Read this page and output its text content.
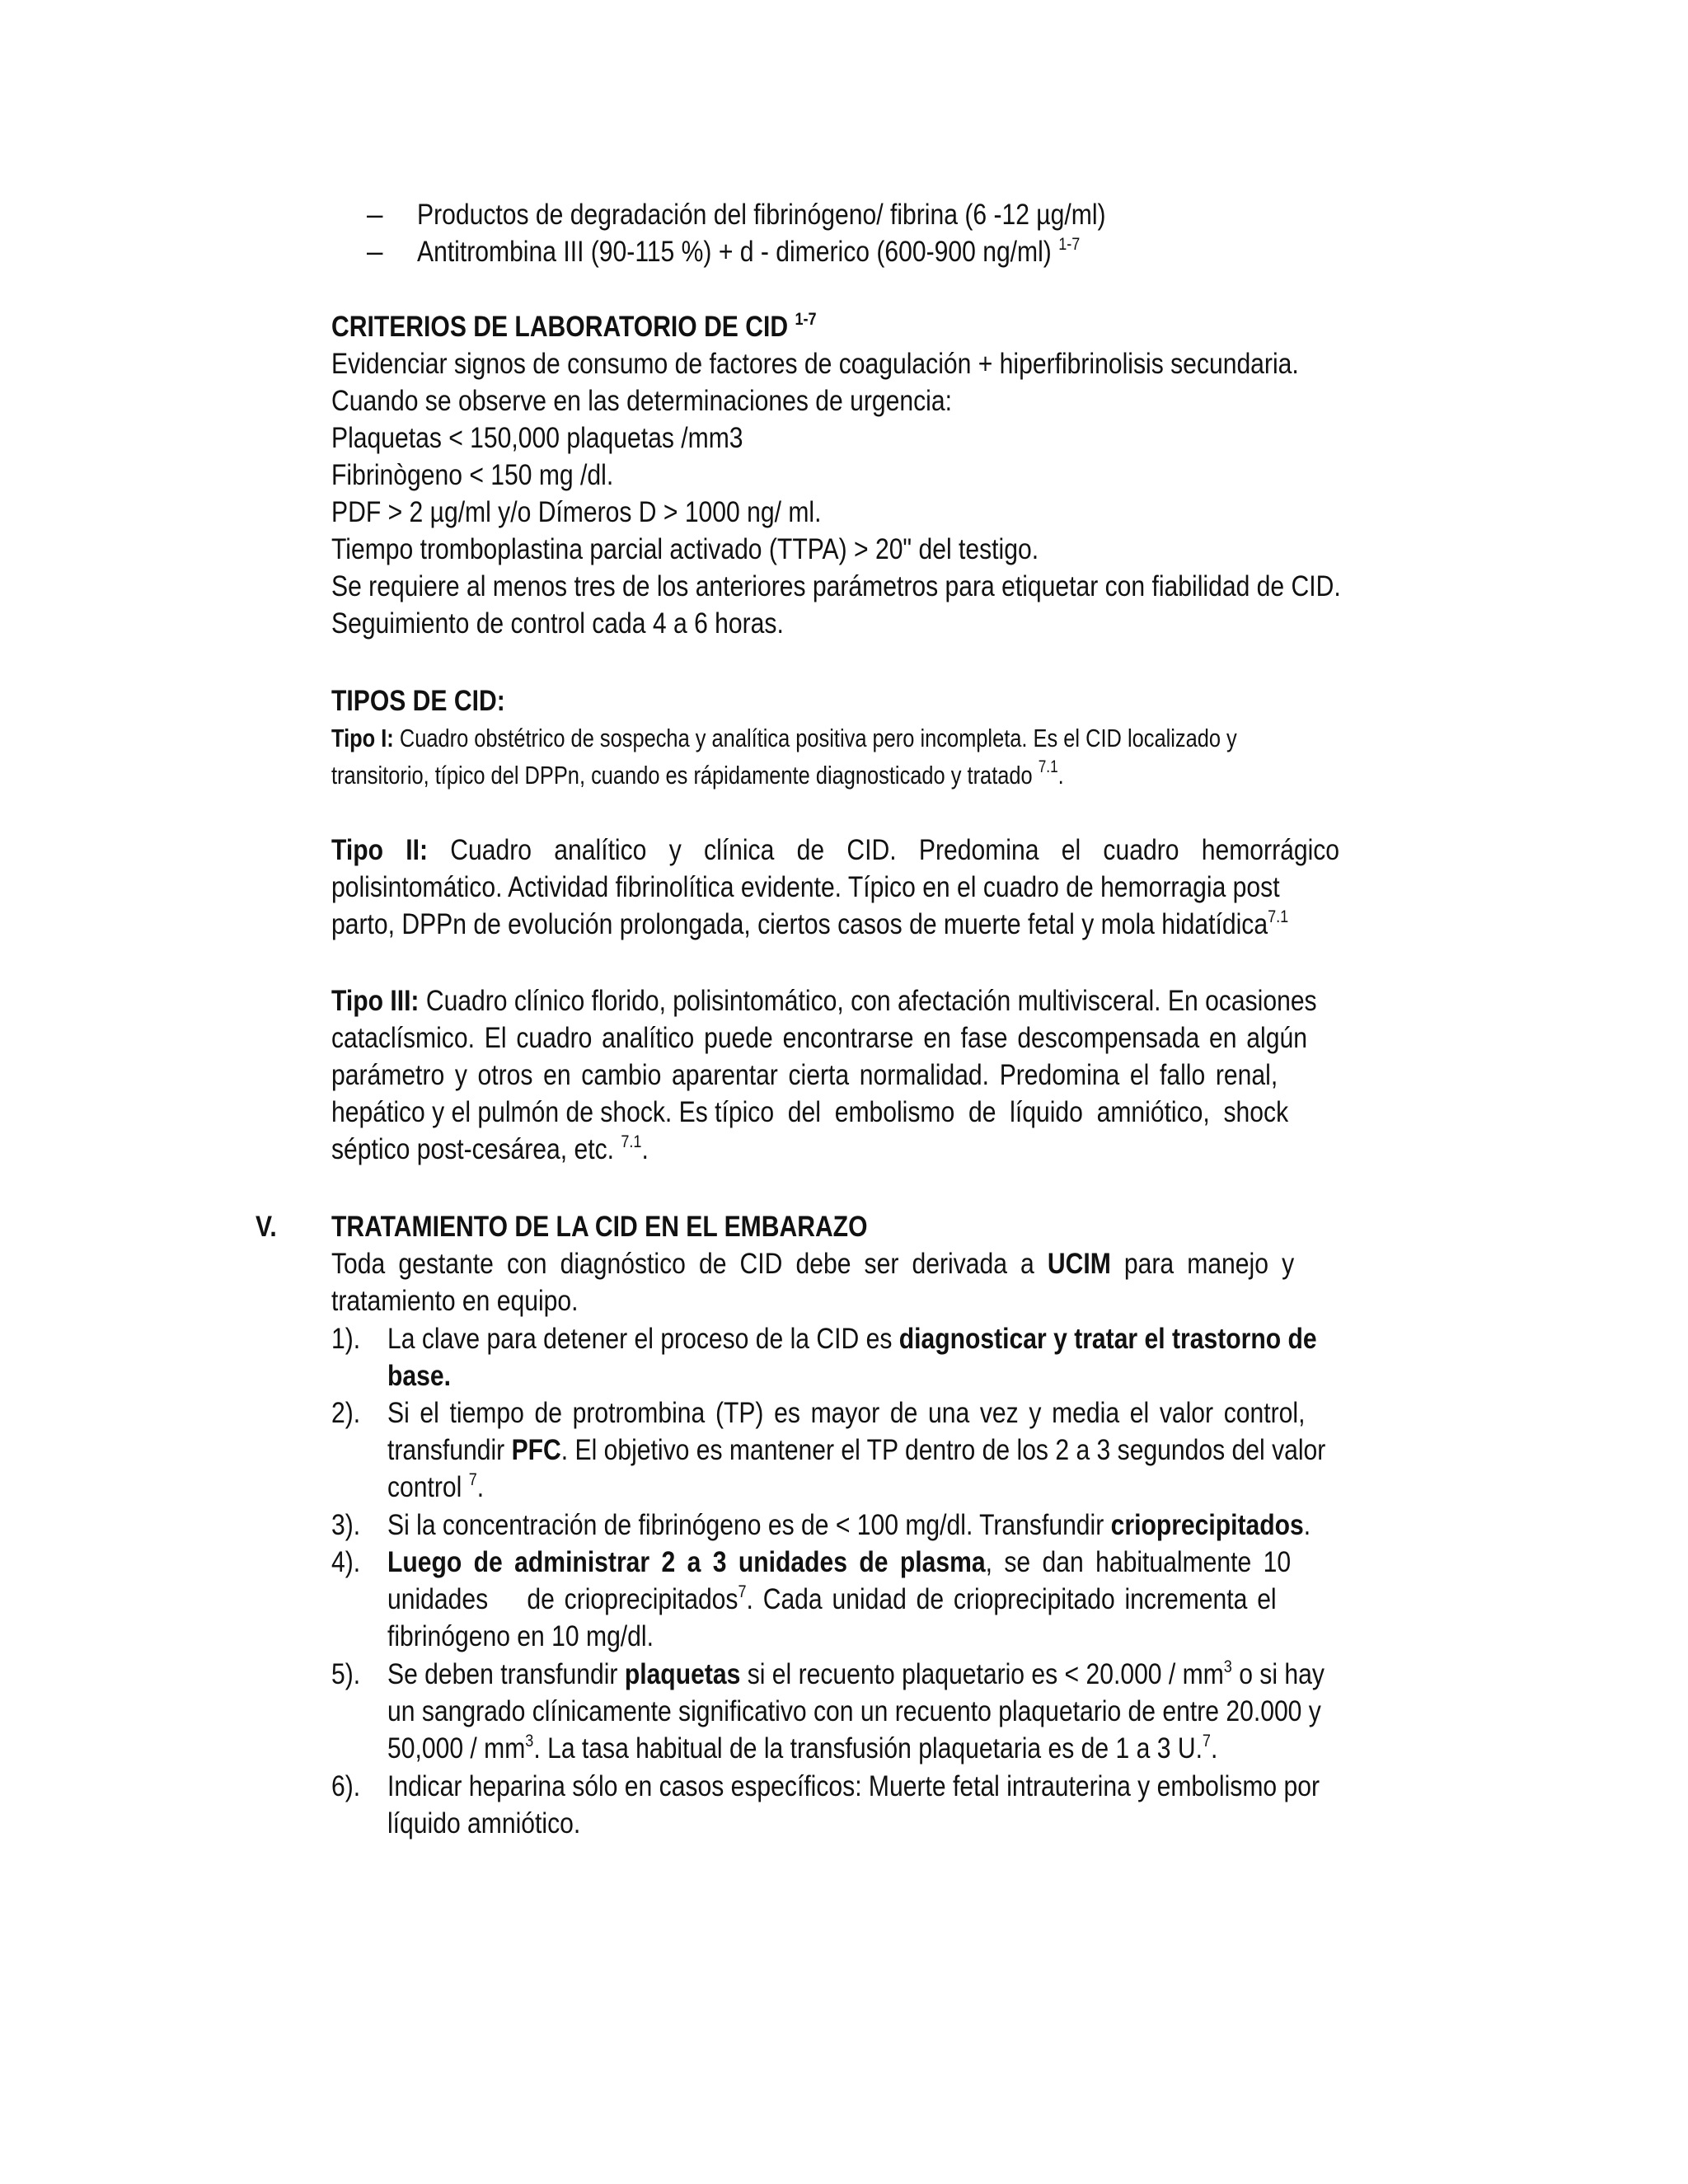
– Productos de degradación del fibrinógeno/ fibrina (6 -12 µg/ml)
– Antitrombina III (90-115 %) + d - dimerico (600-900 ng/ml) $^{1-7}$
CRITERIOS DE LABORATORIO DE CID $^{1-7}$
Evidenciar signos de consumo de factores de coagulación + hiperfibrinolisis secundaria.
Cuando se observe en las determinaciones de urgencia:
Plaquetas < 150,000 plaquetas /mm3
Fibrinògeno < 150 mg /dl.
PDF > 2 µg/ml y/o Dímeros D > 1000 ng/ ml.
Tiempo tromboplastina parcial activado (TTPA) > 20" del testigo.
Se requiere al menos tres de los anteriores parámetros para etiquetar con fiabilidad de CID.
Seguimiento de control cada 4 a 6 horas.
TIPOS DE CID:
Tipo I: Cuadro obstétrico de sospecha y analítica positiva pero incompleta. Es el CID localizado y
transitorio, típico del DPPn, cuando es rápidamente diagnosticado y tratado $^{7.1}$.
Tipo II: Cuadro analítico y clínica de CID. Predomina el cuadro hemorrágico
polisintomático. Actividad fibrinolítica evidente. Típico en el cuadro de hemorragia post
parto, DPPn de evolución prolongada, ciertos casos de muerte fetal y mola hidatídica$^{7.1}$
Tipo III: Cuadro clínico florido, polisintomático, con afectación multivisceral. En ocasiones
cataclísmico. El cuadro analítico puede encontrarse en fase descompensada en algún
parámetro y otros en cambio aparentar cierta normalidad. Predomina el fallo renal,
hepático y el pulmón de shock. Es típico  del  embolismo  de  líquido  amniótico,  shock
séptico post-cesárea, etc. $^{7.1}$.
V. TRATAMIENTO DE LA CID EN EL EMBARAZO
Toda gestante con diagnóstico de CID debe ser derivada a UCIM para manejo y
tratamiento en equipo.
1). La clave para detener el proceso de la CID es diagnosticar y tratar el trastorno de
base.
2). Si el tiempo de protrombina (TP) es mayor de una vez y media el valor control,
transfundir PFC. El objetivo es mantener el TP dentro de los 2 a 3 segundos del valor
control $^7$.
3). Si la concentración de fibrinógeno es de < 100 mg/dl. Transfundir crioprecipitados.
4). Luego de administrar 2 a 3 unidades de plasma, se dan habitualmente 10
unidades    de crioprecipitados$^7$. Cada unidad de crioprecipitado incrementa el
fibrinógeno en 10 mg/dl.
5). Se deben transfundir plaquetas si el recuento plaquetario es < $20.000 / mm^3$ o si hay
un sangrado clínicamente significativo con un recuento plaquetario de entre 20.000 y
$50,000 / mm^3$. La tasa habitual de la transfusión plaquetaria es de 1 a 3 U.$^7$.
6). Indicar heparina sólo en casos específicos: Muerte fetal intrauterina y embolismo por
líquido amniótico.
